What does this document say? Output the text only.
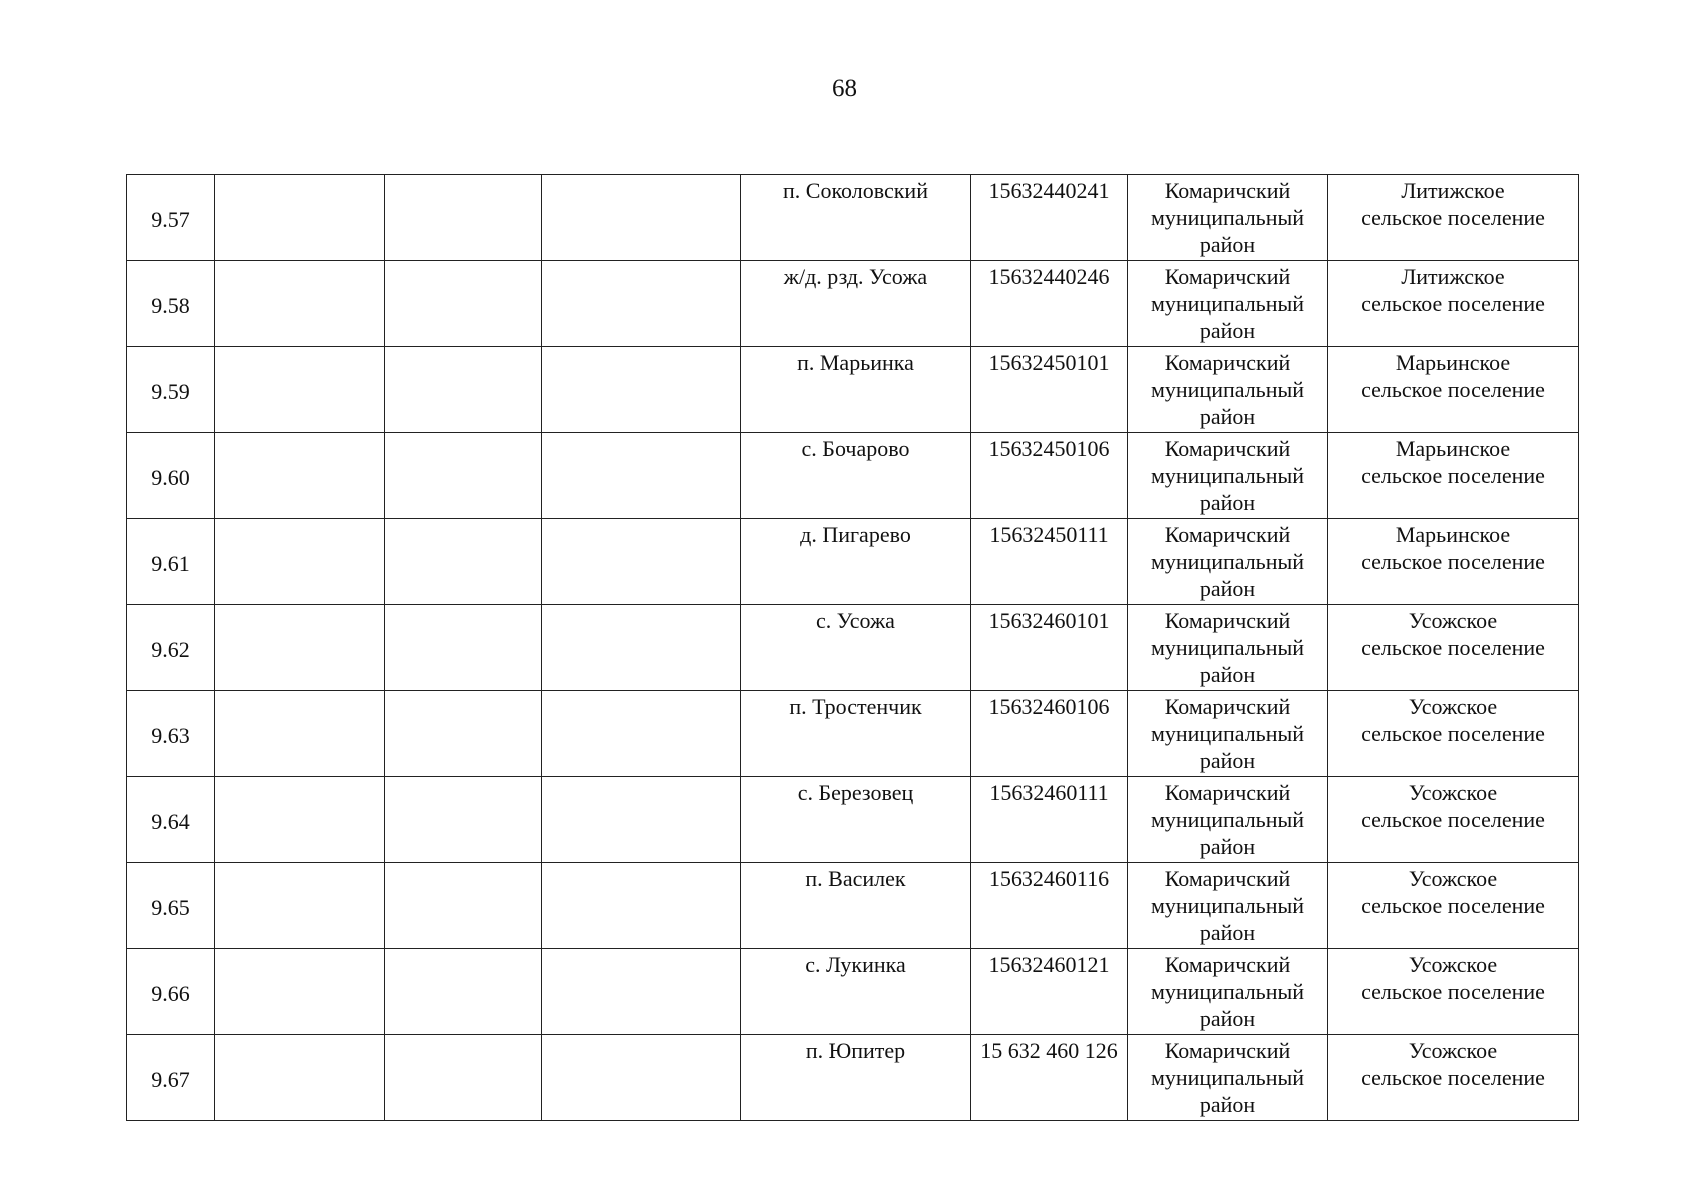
68
9.57				п. Соколовский	15632440241	Комаричский
муниципальный
район	Литижское
сельское поселение

9.58				ж/д. рзд. Усожа	15632440246	Комаричский
муниципальный
район	Литижское
сельское поселение

9.59				п. Марьинка	15632450101	Комаричский
муниципальный
район	Марьинское
сельское поселение

9.60				с. Бочарово	15632450106	Комаричский
муниципальный
район	Марьинское
сельское поселение

9.61				д. Пигарево	15632450111	Комаричский
муниципальный
район	Марьинское
сельское поселение

9.62				с. Усожа	15632460101	Комаричский
муниципальный
район	Усожское
сельское поселение

9.63				п. Тростенчик	15632460106	Комаричский
муниципальный
район	Усожское
сельское поселение

9.64				с. Березовец	15632460111	Комаричский
муниципальный
район	Усожское
сельское поселение

9.65				п. Василек	15632460116	Комаричский
муниципальный
район	Усожское
сельское поселение

9.66				с. Лукинка	15632460121	Комаричский
муниципальный
район	Усожское
сельское поселение

9.67				п. Юпитер	15 632 460 126	Комаричский
муниципальный
район	Усожское
сельское поселение
